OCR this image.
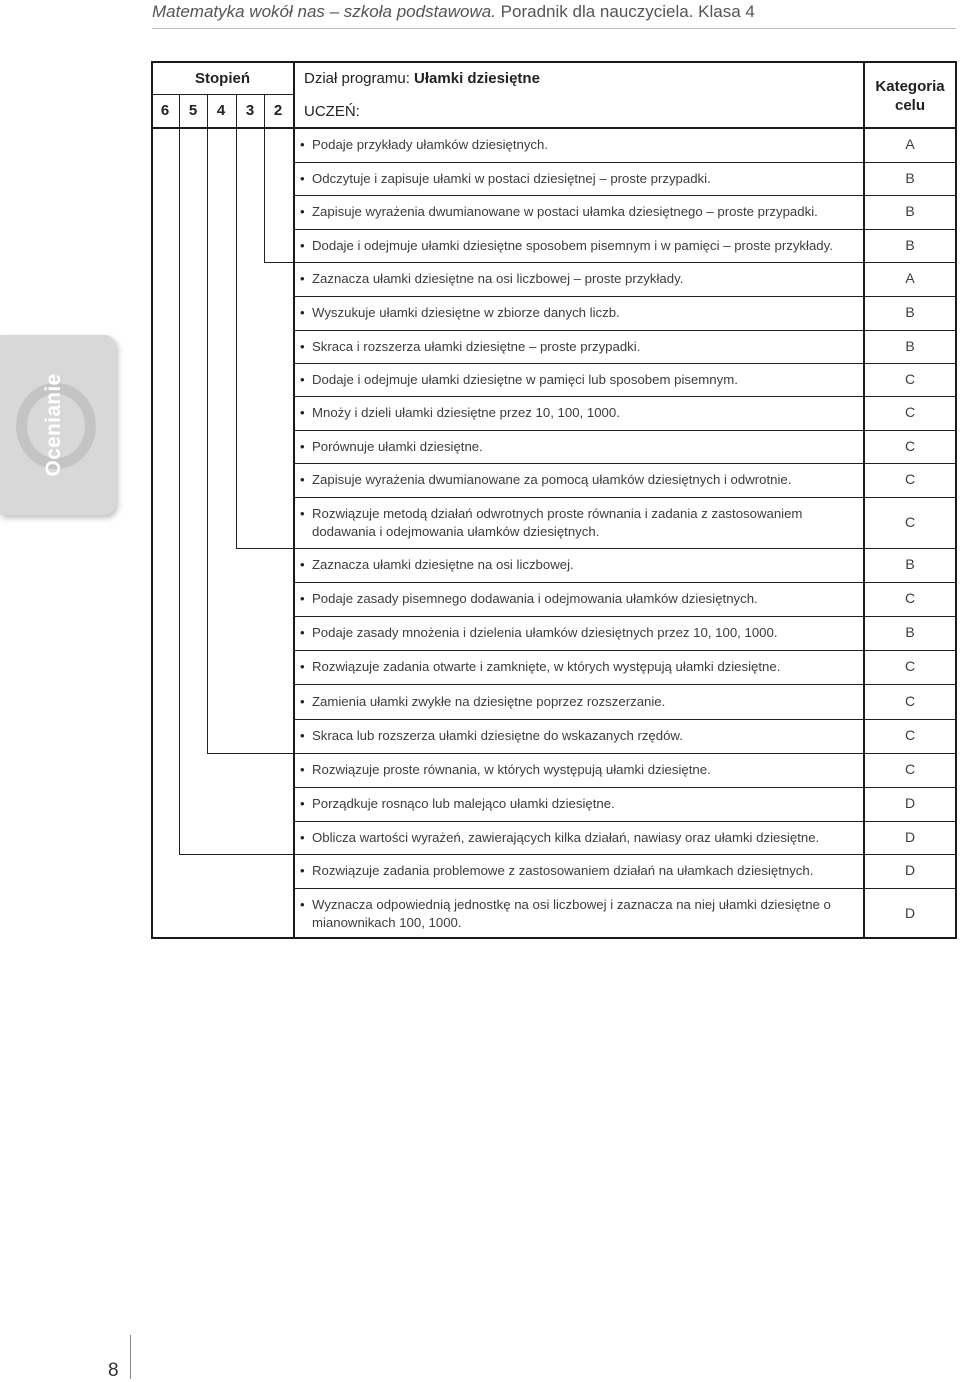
Matematyka wokół nas – szkoła podstawowa. Poradnik dla nauczyciela. Klasa 4
Ocenianie
Stopień
6	5	4	3	2
Dział programu: Ułamki dziesiętne
UCZEŃ:
Kategoria
celu
• Podaje przykłady ułamków dziesiętnych.	A
• Odczytuje i zapisuje ułamki w postaci dziesiętnej – proste przypadki.	B
• Zapisuje wyrażenia dwumianowane w postaci ułamka dziesiętnego – proste przypadki.	B
• Dodaje i odejmuje ułamki dziesiętne sposobem pisemnym i w pamięci – proste przykłady.	B
• Zaznacza ułamki dziesiętne na osi liczbowej – proste przykłady.	A
• Wyszukuje ułamki dziesiętne w zbiorze danych liczb.	B
• Skraca i rozszerza ułamki dziesiętne – proste przypadki.	B
• Dodaje i odejmuje ułamki dziesiętne w pamięci lub sposobem pisemnym.	C
• Mnoży i dzieli ułamki dziesiętne przez 10, 100, 1000.	C
• Porównuje ułamki dziesiętne.	C
• Zapisuje wyrażenia dwumianowane za pomocą ułamków dziesiętnych i odwrotnie.	C
• Rozwiązuje metodą działań odwrotnych proste równania i zadania z zastosowaniem dodawania i odejmowania ułamków dziesiętnych.
C
• Zaznacza ułamki dziesiętne na osi liczbowej.	B
• Podaje zasady pisemnego dodawania i odejmowania ułamków dziesiętnych.	C
• Podaje zasady mnożenia i dzielenia ułamków dziesiętnych przez 10, 100, 1000.	B
• Rozwiązuje zadania otwarte i zamknięte, w których występują ułamki dziesiętne.	C
• Zamienia ułamki zwykłe na dziesiętne poprzez rozszerzanie.	C
• Skraca lub rozszerza ułamki dziesiętne do wskazanych rzędów.	C
• Rozwiązuje proste równania, w których występują ułamki dziesiętne.	C
• Porządkuje rosnąco lub malejąco ułamki dziesiętne.	D
• Oblicza wartości wyrażeń, zawierających kilka działań, nawiasy oraz ułamki dziesiętne.	D
• Rozwiązuje zadania problemowe z zastosowaniem działań na ułamkach dziesiętnych.	D
• Wyznacza odpowiednią jednostkę na osi liczbowej i zaznacza na niej ułamki dziesiętne o mianownikach 100, 1000.
D
8
